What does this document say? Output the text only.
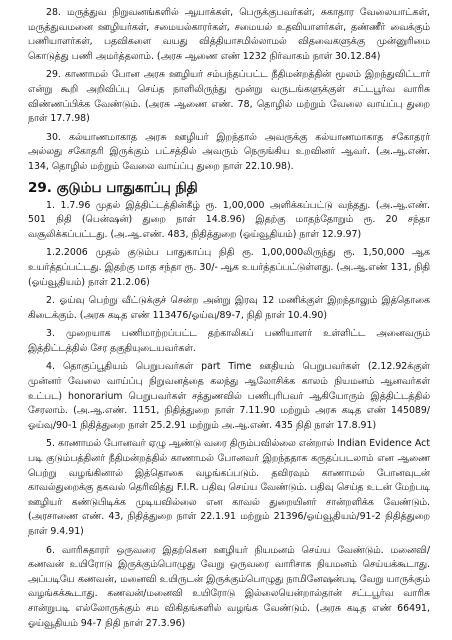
28. மருத்துவ நிறுவனங்களில் ஆயாக்கள், பெருக்குபவர்கள், சுகாதார வேலையாட்கள், மருத்துவமனை ஊழியர்கள், சமையல்காரர்கள், சமையல் உதவியாளர்கள், தண்ணீர் வைக்கும் பணியாளர்கள், பதவிகளை வயது வித்தியாசமில்லாமல் விதவைகளுக்கு முன்னுரிமை கொடுத்து பணி அமர்த்தலாம். (அரசு ஆணை எண் 1232 நிர்வாகம் நாள் 30.12.84)
29. காணாமல் போன அரசு ஊழியர் சம்பந்தப்பட்ட நீதிமன்றத்தின் மூலம் இறந்துவிட்டார் என்று கூறி அறிவிப்பு செய்த நாளிலிருந்து மூன்று வருடங்களுக்குள் சட்டபூர்வ வாரிசு விண்ணப்பிக்க வேண்டும். (அரசு ஆணை எண். 78, தொழில் மற்றும் வேலை வாய்ப்பு துறை நாள் 17.7.98)
30. கல்யாணமாகாத அரசு ஊழியர் இறந்தால் அவருக்கு கல்யாணமாகாத சகோதரர் அல்லது சகோதரி இருக்கும் பட்சத்தில் அவரும் நெருங்கிய உறவினர் ஆவர். (அ.ஆ.எண். 134, தொழில் மற்றும் வேலை வாய்ப்பு துறை நாள் 22.10.98).
29. குடும்ப பாதுகாப்பு நிதி
1. 1.7.96 முதல் இத்திட்டத்தின்கீழ் ரூ. 1,00,000 அளிக்கப்பட்டு வந்தது. (அ.ஆ.எண். 501 நிதி (பென்ஷன்) துறை நாள் 14.8.96) இதற்கு மாதந்தோறும் ரூ. 20 சந்தா வசூலிக்கப்பட்டது. (அ.ஆ.எண். 483, நிதித்துறை (ஓய்வூதியம்) நாள் 12.9.97)
1.2.2006 முதல் குடும்ப பாதுகாப்பு நிதி ரூ. 1,00,000லிருந்து ரூ. 1,50,000 ஆக உயர்த்தப்பட்டது. இதற்கு மாத சந்தா ரூ. 30/- ஆக உயர்த்தப்பட்டுள்ளது. (அ.ஆ.எண் 131, நிதி (ஓய்வூதியம்) நாள் 21.2.06)
2. ஓய்வு பெற்று வீட்டுக்குச் சென்ற அன்று இரவு 12 மணிக்குள் இறந்தாலும் இத்தொகை கிடைக்கும். (அரசு கடித எண் 113476/ஓய்வு/89-7, நிதி நாள் 10.4.90)
3. முறையாக பணிமாற்றப்பட்ட தற்காலிகப் பணியாளர் உள்ளிட்ட அனைவரும் இத்திட்டத்தில் சேர தகுதியுடையவர்கள்.
4. தொகுப்பூதியம் பெறுபவர்கள் part Time ஊதியம் பெறுபவர்கள் (2.12.92க்குள் முன்னர் வேலை வாய்ப்பு நிறுவனத்தை கலந்து ஆலோசிக்க காலம் நியமனம் ஆனவர்கள் உட்பட) honorarium பெறுபவர்கள் சத்துணவில் பணிபுரிபவர் ஆகியோரும் இத்திட்டத்தில் சேரலாம். (அ.ஆ.எண். 1151, நிதித்துறை நாள் 7.11.90 மற்றும் அரசு கடித எண் 145089/ஓய்வு/90-1 நிதித்துறை நாள் 25.2.91 மற்றும் அ.ஆ.எண். 435 நிதி நாள் 17.8.91)
5. காணாமல் போனவர் ஏழு ஆண்டு வரை திரும்பவில்லை என்றால் Indian Evidence Act படி குடும்பத்தினர் நீதிமன்றத்தில் காணாமல் போனவர் இறந்ததாக கருதப்படலாம் என ஆணை பெற்று வழங்கினால் இத்தொகை வழங்கப்படும். தவிரவும் காணாமல் போனவுடன் காவல்துறைக்கு தகவல் தெரிவித்து F.I.R. பதிவு செய்ய வேண்டும். பதிவு செய்த உடன் மேற்படி ஊழியர் கண்டுபிடிக்க முடியவில்லை என காவல் துறையினர் சான்றளிக்க வேண்டும். (அரசாணை எண். 43, நிதித்துறை நாள் 22.1.91 மற்றும் 21396/ஓய்வூதியம்/91-2 நிதித்துறை நாள் 9.4.91)
6. வாரிசுதாரர் ஒருவரை இதற்கென ஊழியர் நியமனம் செய்ய வேண்டும். மனைவி/கணவன் உயிரோடு இருக்கும்பொழுது வேறு ஒருவரை வாரிசாக நியமனம் செய்யக்கூடாது. அப்படியே கணவன், மனைவி உயிருடன் இருக்கும்பொழுது நாமினேஷன்படி வேறு யாருக்கும் வழங்கக்கூடாது. கணவன்/மனைவி உயிரோடு இல்லையென்றால்தான் சட்டபூர்வ வாரிசு சான்றுபடி எல்லோருக்கும் சம விகிதங்களில் வழங்க வேண்டும். (அரசு கடித எண் 66491, ஓய்வூதியம் 94-7 நிதி நாள் 27.3.96)
